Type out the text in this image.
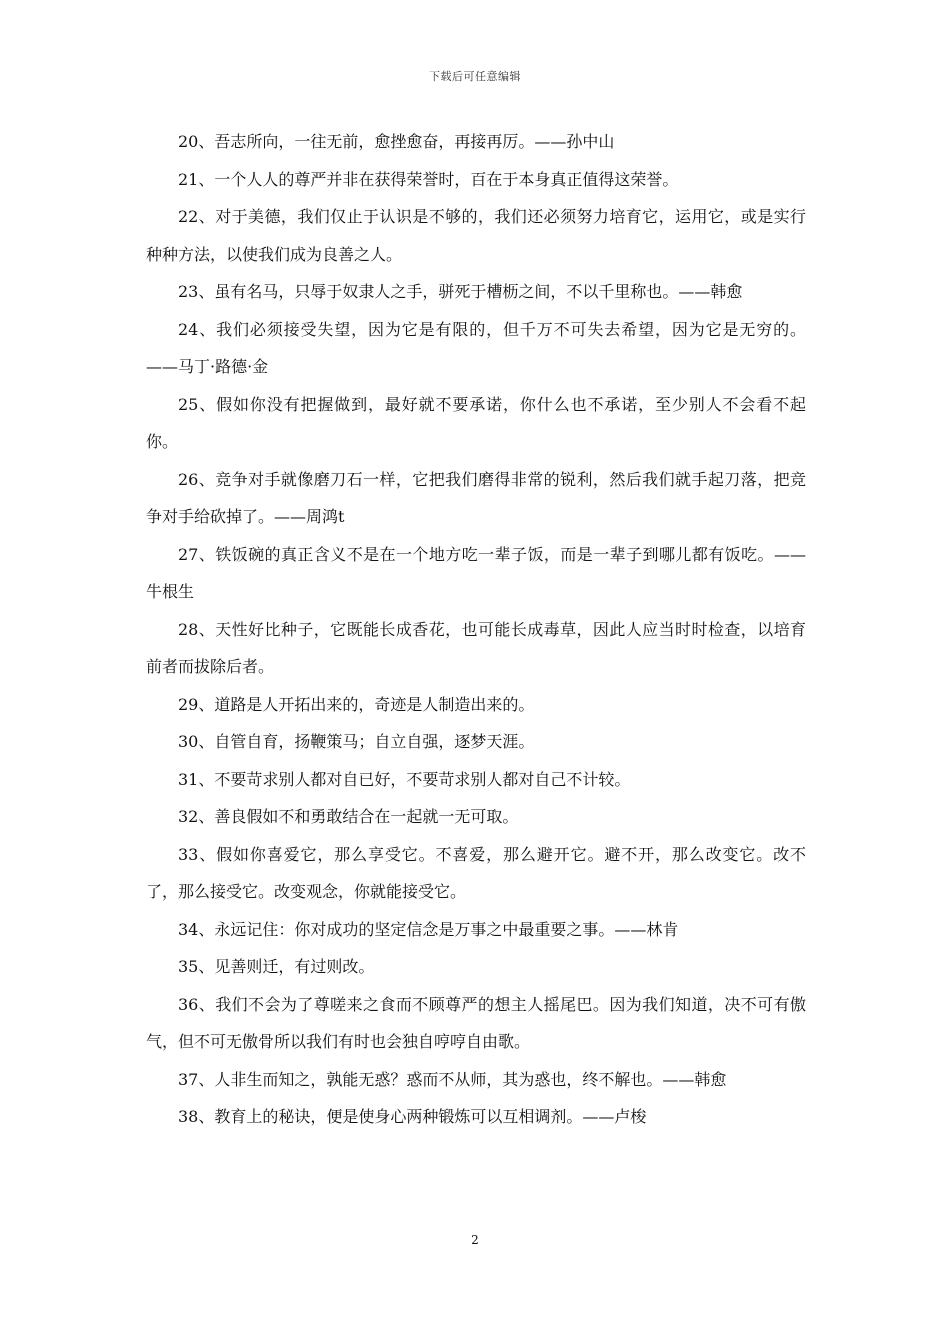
下载后可任意编辑

20、吾志所向，一往无前，愈挫愈奋，再接再厉。——孙中山

21、一个人人的尊严并非在获得荣誉时，百在于本身真正值得这荣誉。

22、对于美德，我们仅止于认识是不够的，我们还必须努力培育它，运用它，或是实行种种方法，以使我们成为良善之人。

23、虽有名马，只辱于奴隶人之手，骈死于槽枥之间，不以千里称也。——韩愈

24、我们必须接受失望，因为它是有限的，但千万不可失去希望，因为它是无穷的。——马丁·路德·金

25、假如你没有把握做到，最好就不要承诺，你什么也不承诺，至少别人不会看不起你。

26、竞争对手就像磨刀石一样，它把我们磨得非常的锐利，然后我们就手起刀落，把竞争对手给砍掉了。——周鸿t

27、铁饭碗的真正含义不是在一个地方吃一辈子饭，而是一辈子到哪儿都有饭吃。——牛根生

28、天性好比种子，它既能长成香花，也可能长成毒草，因此人应当时时检查，以培育前者而拔除后者。

29、道路是人开拓出来的，奇迹是人制造出来的。

30、自管自育，扬鞭策马；自立自强，逐梦天涯。

31、不要苛求别人都对自已好，不要苛求别人都对自己不计较。

32、善良假如不和勇敢结合在一起就一无可取。

33、假如你喜爱它，那么享受它。不喜爱，那么避开它。避不开，那么改变它。改不了，那么接受它。改变观念，你就能接受它。

34、永远记住：你对成功的坚定信念是万事之中最重要之事。——林肯

35、见善则迁，有过则改。

36、我们不会为了尊嗟来之食而不顾尊严的想主人摇尾巴。因为我们知道，决不可有傲气，但不可无傲骨所以我们有时也会独自哼哼自由歌。

37、人非生而知之，孰能无惑？惑而不从师，其为惑也，终不解也。——韩愈

38、教育上的秘诀，便是使身心两种锻炼可以互相调剂。——卢梭

2
